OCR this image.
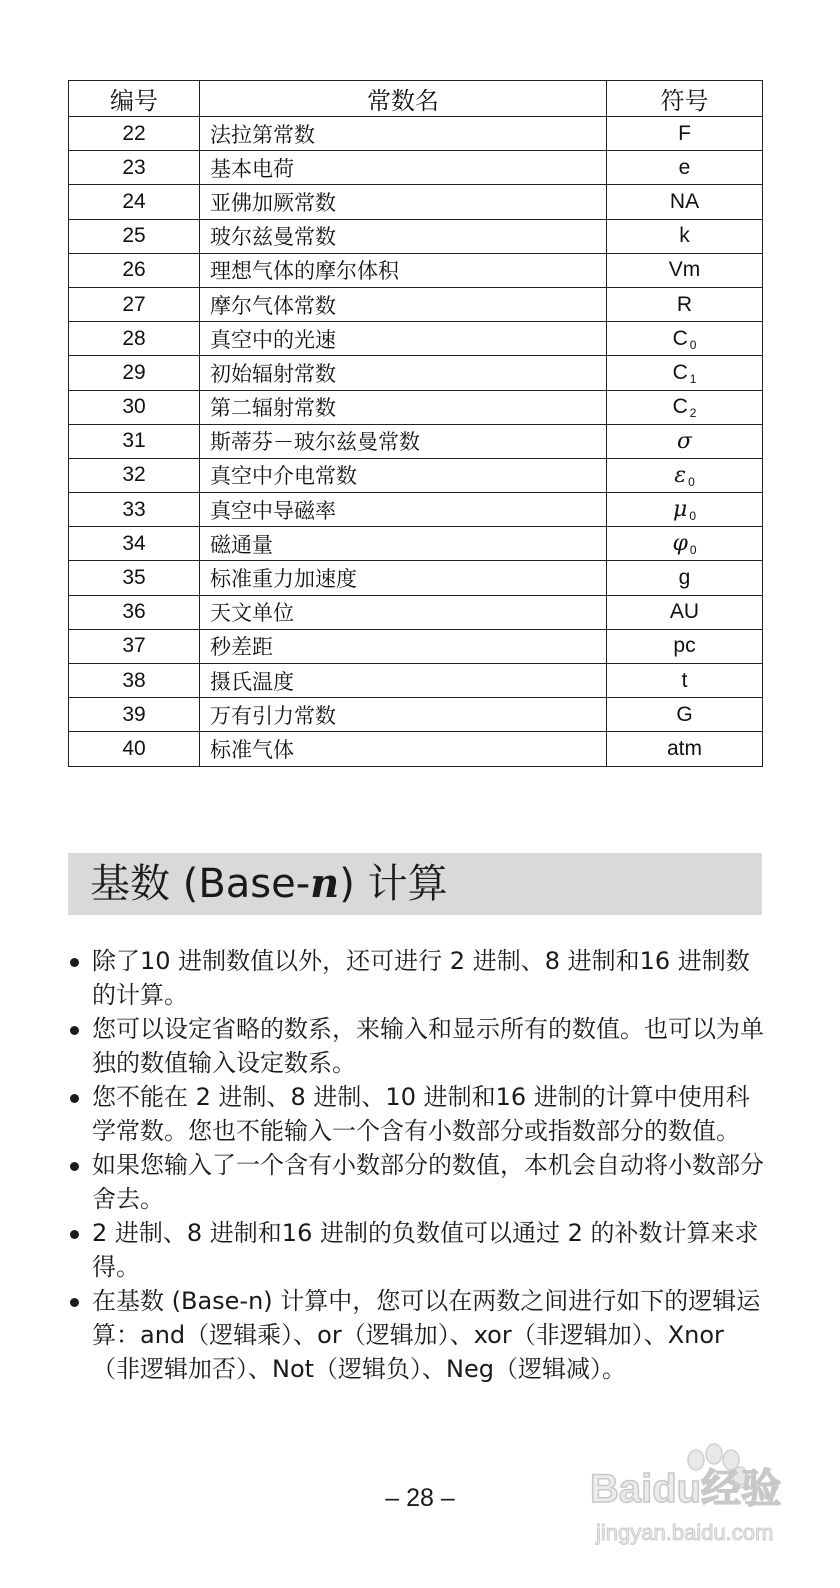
编号	常数名	符号
22	法拉第常数	F
23	基本电荷	e
24	亚佛加厥常数	NA
25	玻尔兹曼常数	k
26	理想气体的摩尔体积	Vm
27	摩尔气体常数	R
28	真空中的光速	C 0
29	初始辐射常数	C 1
30	第二辐射常数	C 2
31	斯蒂芬－玻尔兹曼常数	σ
32	真空中介电常数	ε 0
33	真空中导磁率	μ 0
34	磁通量	φ 0
35	标准重力加速度	g
36	天文单位	AU
37	秒差距	pc
38	摄氏温度	t
39	万有引力常数	G
40	标准气体	atm
基数 (Base-n) 计算
除了10 进制数值以外，还可进行 2 进制、8 进制和16 进制数的计算。
您可以设定省略的数系，来输入和显示所有的数值。也可以为单独的数值输入设定数系。
您不能在 2 进制、8 进制、10 进制和16 进制的计算中使用科学常数。您也不能输入一个含有小数部分或指数部分的数值。
如果您输入了一个含有小数部分的数值，本机会自动将小数部分舍去。
2 进制、8 进制和16 进制的负数值可以通过 2 的补数计算来求得。
在基数 (Base-n) 计算中，您可以在两数之间进行如下的逻辑运算：and（逻辑乘）、or（逻辑加）、xor（非逻辑加）、Xnor（非逻辑加否）、Not（逻辑负）、Neg（逻辑减）。
– 28 –	Baidu经验
jingyan.baidu.com
